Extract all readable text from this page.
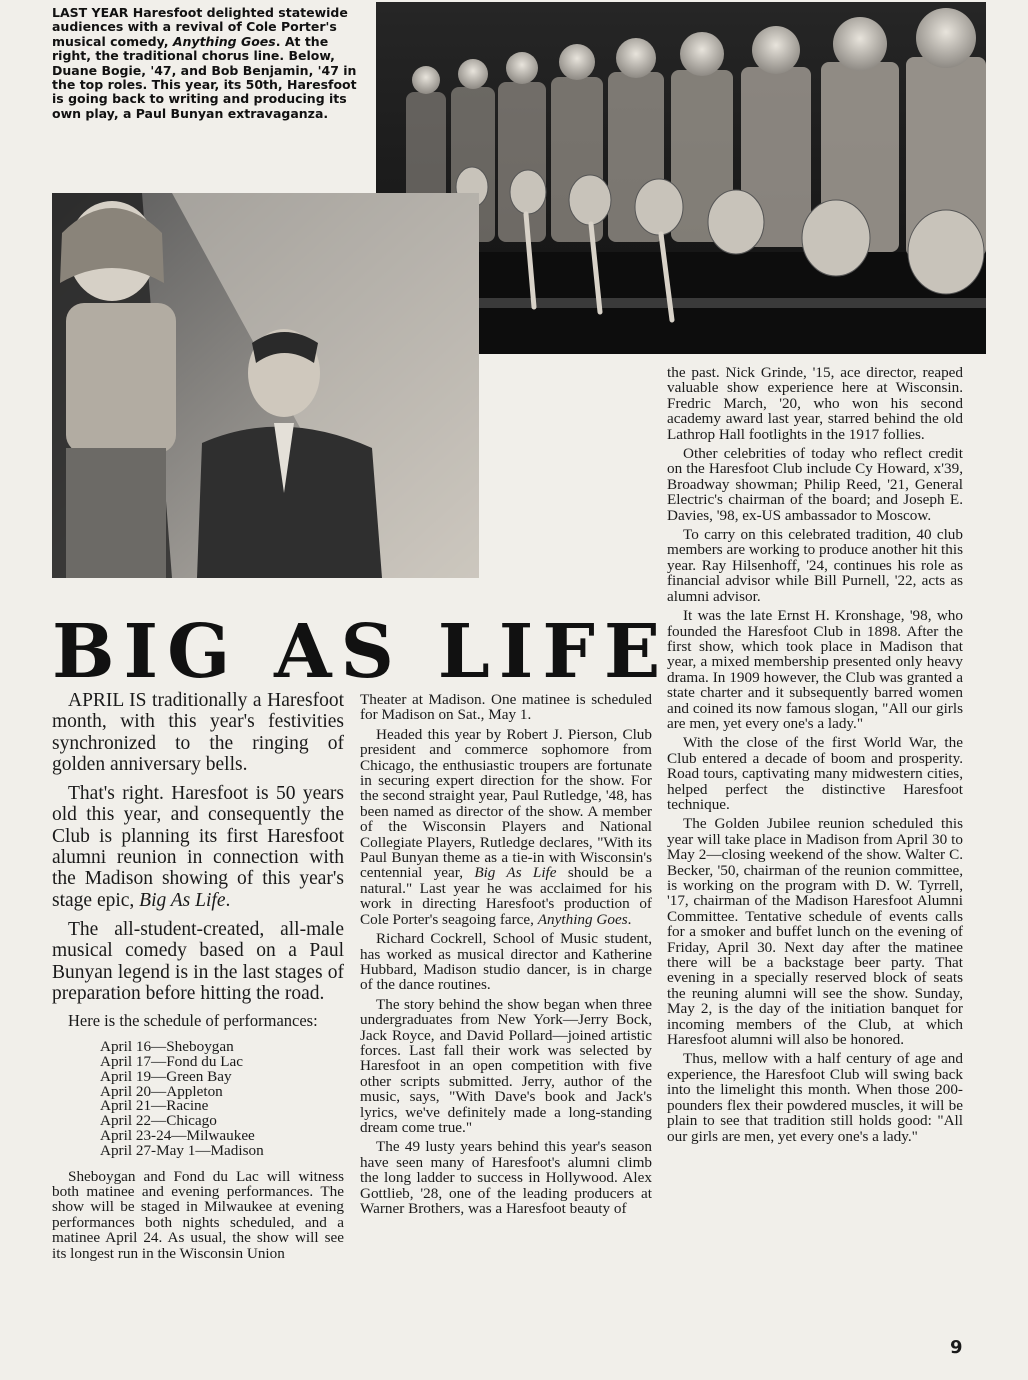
LAST YEAR Haresfoot delighted statewide audiences with a revival of Cole Porter's musical comedy, Anything Goes. At the right, the traditional chorus line. Below, Duane Bogie, '47, and Bob Benjamin, '47 in the top roles. This year, its 50th, Haresfoot is going back to writing and producing its own play, a Paul Bunyan extravaganza.
BIG AS LIFE

APRIL IS traditionally a Haresfoot month, with this year's festivities synchronized to the ringing of golden anniversary bells.

That's right. Haresfoot is 50 years old this year, and consequently the Club is planning its first Haresfoot alumni reunion in connection with the Madison showing of this year's stage epic, Big As Life.

The all-student-created, all-male musical comedy based on a Paul Bunyan legend is in the last stages of preparation before hitting the road.

Here is the schedule of performances:

April 16—Sheboygan
April 17—Fond du Lac
April 19—Green Bay
April 20—Appleton
April 21—Racine
April 22—Chicago
April 23-24—Milwaukee
April 27-May 1—Madison

Sheboygan and Fond du Lac will witness both matinee and evening performances. The show will be staged in Milwaukee at evening performances both nights scheduled, and a matinee April 24. As usual, the show will see its longest run in the Wisconsin Union

Theater at Madison. One matinee is scheduled for Madison on Sat., May 1.

Headed this year by Robert J. Pierson, Club president and commerce sophomore from Chicago, the enthusiastic troupers are fortunate in securing expert direction for the show. For the second straight year, Paul Rutledge, '48, has been named as director of the show. A member of the Wisconsin Players and National Collegiate Players, Rutledge declares, "With its Paul Bunyan theme as a tie-in with Wisconsin's centennial year, Big As Life should be a natural." Last year he was acclaimed for his work in directing Haresfoot's production of Cole Porter's seagoing farce, Anything Goes.

Richard Cockrell, School of Music student, has worked as musical director and Katherine Hubbard, Madison studio dancer, is in charge of the dance routines.

The story behind the show began when three undergraduates from New York—Jerry Bock, Jack Royce, and David Pollard—joined artistic forces. Last fall their work was selected by Haresfoot in an open competition with five other scripts submitted. Jerry, author of the music, says, "With Dave's book and Jack's lyrics, we've definitely made a long-standing dream come true."

The 49 lusty years behind this year's season have seen many of Haresfoot's alumni climb the long ladder to success in Hollywood. Alex Gottlieb, '28, one of the leading producers at Warner Brothers, was a Haresfoot beauty of

the past. Nick Grinde, '15, ace director, reaped valuable show experience here at Wisconsin. Fredric March, '20, who won his second academy award last year, starred behind the old Lathrop Hall footlights in the 1917 follies.

Other celebrities of today who reflect credit on the Haresfoot Club include Cy Howard, x'39, Broadway showman; Philip Reed, '21, General Electric's chairman of the board; and Joseph E. Davies, '98, ex-US ambassador to Moscow.

To carry on this celebrated tradition, 40 club members are working to produce another hit this year. Ray Hilsenhoff, '24, continues his role as financial advisor while Bill Purnell, '22, acts as alumni advisor.

It was the late Ernst H. Kronshage, '98, who founded the Haresfoot Club in 1898. After the first show, which took place in Madison that year, a mixed membership presented only heavy drama. In 1909 however, the Club was granted a state charter and it subsequently barred women and coined its now famous slogan, "All our girls are men, yet every one's a lady."

With the close of the first World War, the Club entered a decade of boom and prosperity. Road tours, captivating many midwestern cities, helped perfect the distinctive Haresfoot technique.

The Golden Jubilee reunion scheduled this year will take place in Madison from April 30 to May 2—closing weekend of the show. Walter C. Becker, '50, chairman of the reunion committee, is working on the program with D. W. Tyrrell, '17, chairman of the Madison Haresfoot Alumni Committee. Tentative schedule of events calls for a smoker and buffet lunch on the evening of Friday, April 30. Next day after the matinee there will be a backstage beer party. That evening in a specially reserved block of seats the reuning alumni will see the show. Sunday, May 2, is the day of the initiation banquet for incoming members of the Club, at which Haresfoot alumni will also be honored.

Thus, mellow with a half century of age and experience, the Haresfoot Club will swing back into the limelight this month. When those 200-pounders flex their powdered muscles, it will be plain to see that tradition still holds good: "All our girls are men, yet every one's a lady."

9
